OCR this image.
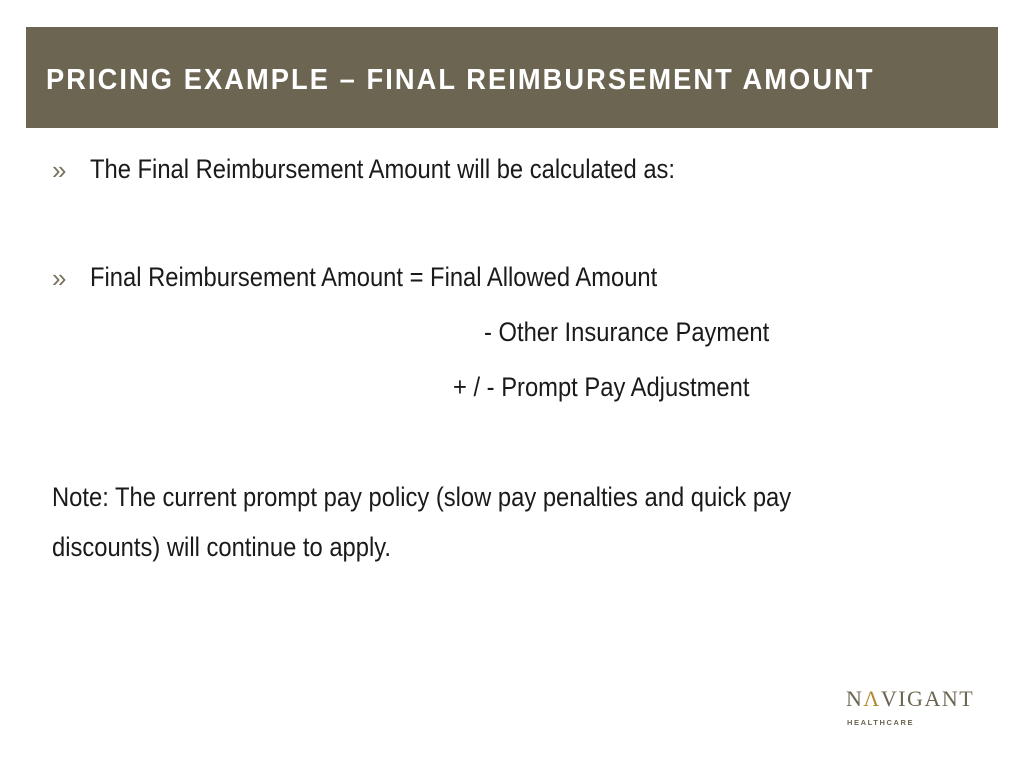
PRICING EXAMPLE – FINAL REIMBURSEMENT AMOUNT
» The Final Reimbursement Amount will be calculated as:
» Final Reimbursement Amount = Final Allowed Amount
- Other Insurance Payment
+ / - Prompt Pay Adjustment
Note: The current prompt pay policy (slow pay penalties and quick pay
discounts) will continue to apply.
NΛVIGANT
HEALTHCARE
